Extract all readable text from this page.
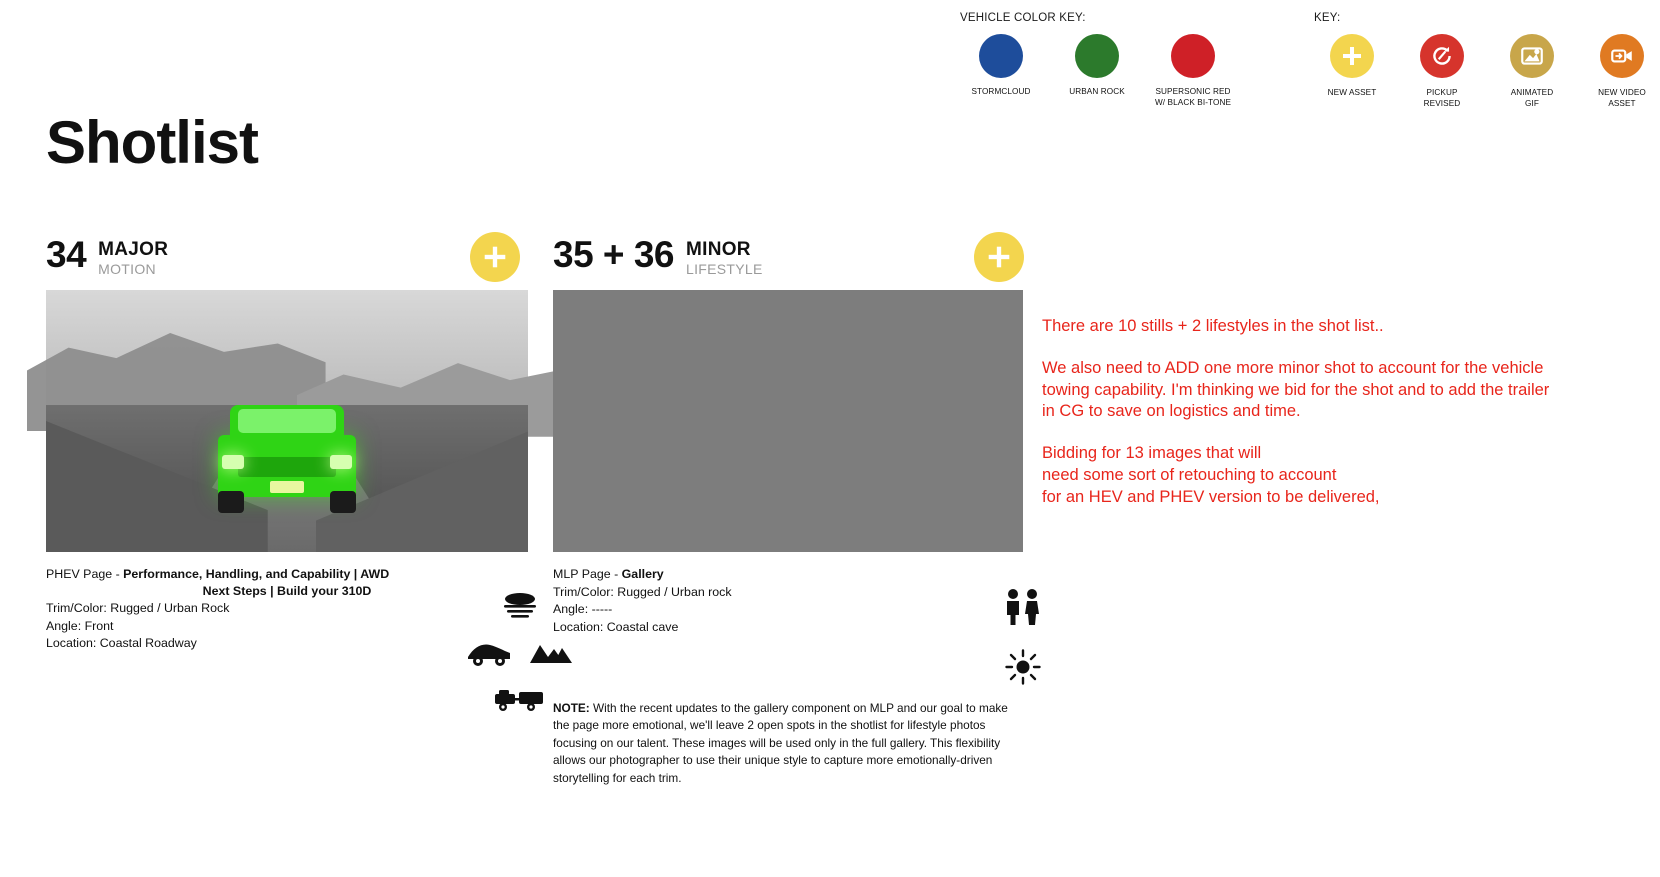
VEHICLE COLOR KEY:
STORMCLOUD	URBAN ROCK	SUPERSONIC RED
W/ BLACK BI-TONE
KEY:
NEW ASSET	PICKUP
REVISED
ANIMATED
GIF
NEW VIDEO
ASSET
Shotlist
34 MAJOR
MOTION
PHEV Page - Performance, Handling, and Capability | AWD
Next Steps | Build your 310D
Trim/Color: Rugged / Urban Rock
Angle: Front
Location: Coastal Roadway
35 + 36 MINOR
LIFESTYLE
MLP Page - Gallery
Trim/Color: Rugged / Urban rock
Angle: -----
Location: Coastal cave
NOTE: With the recent updates to the gallery component on MLP and our goal to make the page more emotional, we'll leave 2 open spots in the shotlist for lifestyle photos focusing on our talent. These images will be used only in the full gallery. This flexibility allows our photographer to use their unique style to capture more emotionally-driven storytelling for each trim.

There are 10 stills + 2 lifestyles in the shot list..

We also need to ADD one more minor shot to account for the vehicle towing capability. I'm thinking we bid for the shot and to add the trailer in CG to save on logistics and time.

Bidding for 13 images that will
need some sort of retouching to account
for an HEV and PHEV version to be delivered,
